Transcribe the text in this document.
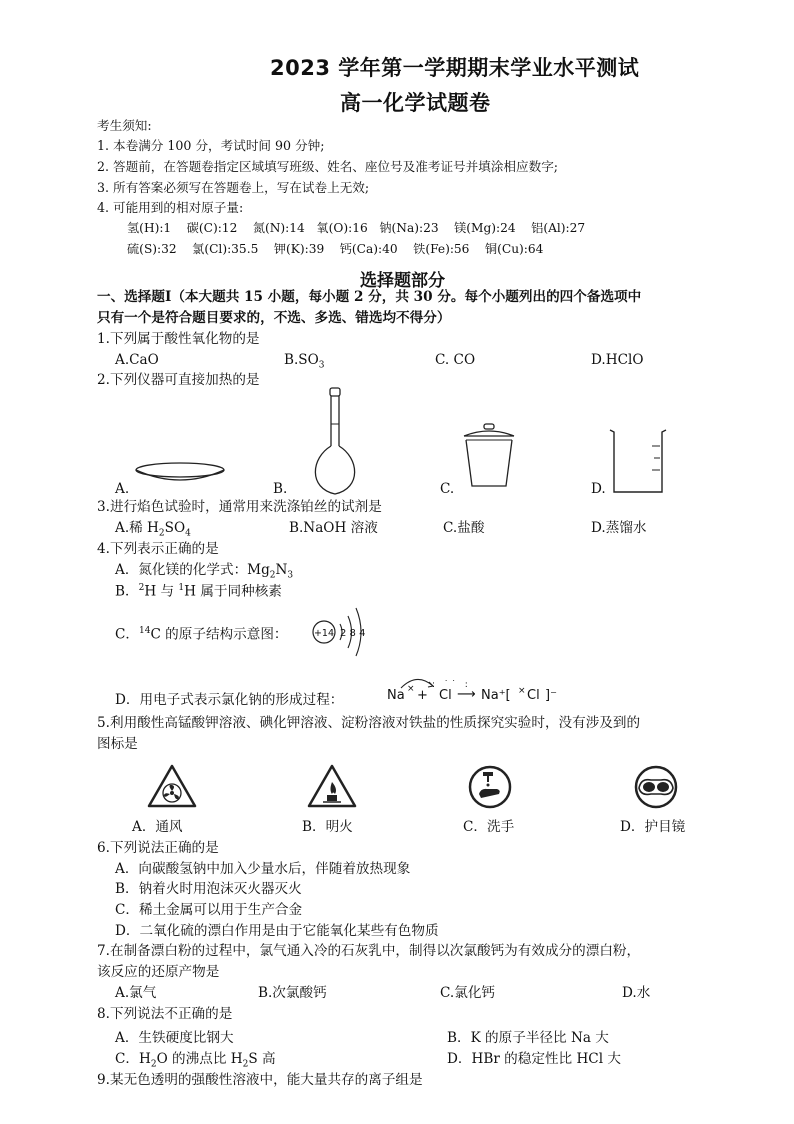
2023 学年第一学期期末学业水平测试
高一化学试题卷
考生须知:
1. 本卷满分 100 分，考试时间 90 分钟;
2. 答题前，在答题卷指定区域填写班级、姓名、座位号及准考证号并填涂相应数字;
3. 所有答案必须写在答题卷上，写在试卷上无效;
4. 可能用到的相对原子量:
氢(H):1    碳(C):12    氮(N):14   氧(O):16   钠(Na):23    镁(Mg):24    铝(Al):27
硫(S):32    氯(Cl):35.5    钾(K):39    钙(Ca):40    铁(Fe):56    铜(Cu):64
选择题部分
一、选择题Ⅰ（本大题共 15 小题，每小题 2 分，共 30 分。每个小题列出的四个备选项中
只有一个是符合题目要求的，不选、多选、错选均不得分）
1.下列属于酸性氧化物的是
A.CaO	$B.SO_3$	C. CO	D.HClO
2.下列仪器可直接加热的是
A.	B.	C.	D.
3.进行焰色试验时，通常用来洗涤铂丝的试剂是
A.稀 $H_2SO_4$	B.NaOH 溶液	C.盐酸	D.蒸馏水
4.下列表示正确的是
A．氮化镁的化学式：$Mg_2N_3$
B．$^2$H 与 $^1$H 属于同种核素
C．$^{14}$C 的原子结构示意图：	+14 2 8 4
D．用电子式表示氯化钠的形成过程：	Na × + Cl
: ˙˙ :
⟶ Na⁺[ Cl
× ]⁻
5.利用酸性高锰酸钾溶液、碘化钾溶液、淀粉溶液对铁盐的性质探究实验时，没有涉及到的
图标是
A．通风	B．明火	C．洗手	D．护目镜
6.下列说法正确的是
A．向碳酸氢钠中加入少量水后，伴随着放热现象
B．钠着火时用泡沫灭火器灭火
C．稀土金属可以用于生产合金
D．二氧化硫的漂白作用是由于它能氧化某些有色物质
7.在制备漂白粉的过程中，氯气通入冷的石灰乳中，制得以次氯酸钙为有效成分的漂白粉，
该反应的还原产物是
A.氯气	B.次氯酸钙	C.氯化钙	D.水
8.下列说法不正确的是
A．生铁硬度比钢大	B．K 的原子半径比 Na 大
C．$H_2O$ 的沸点比 $H_2S$ 高	D．HBr 的稳定性比 HCl 大
9.某无色透明的强酸性溶液中，能大量共存的离子组是
